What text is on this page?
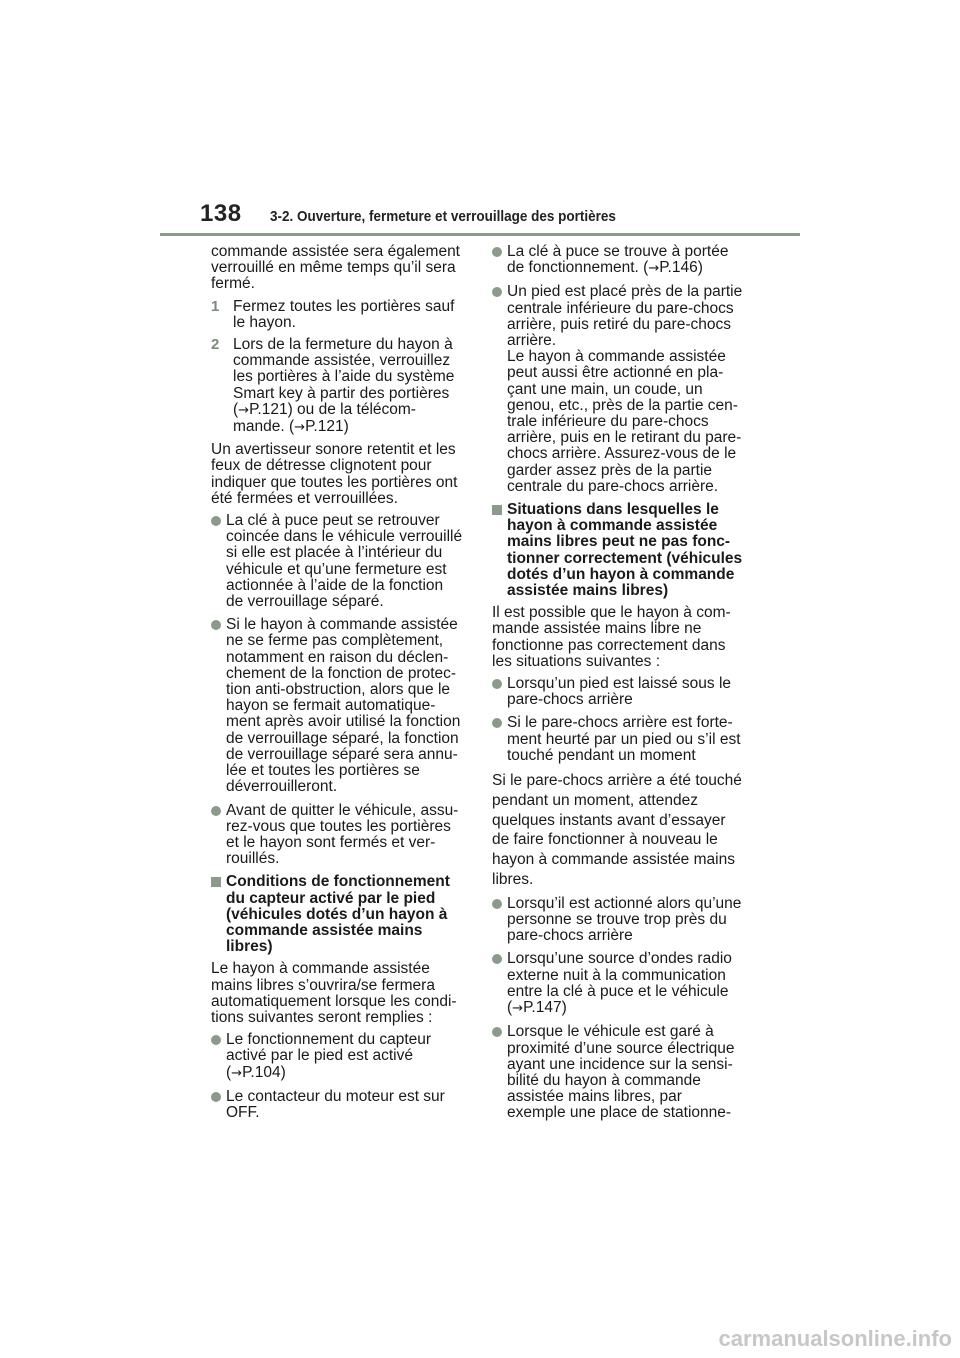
138 3-2. Ouverture, fermeture et verrouillage des portières

commande assistée sera également
verrouillé en même temps qu’il sera
fermé.

1 Fermez toutes les portières sauf
le hayon.
2 Lors de la fermeture du hayon à
commande assistée, verrouillez
les portières à l’aide du système
Smart key à partir des portières
(→P.121) ou de la télécom-
mande. (→P.121)

Un avertisseur sonore retentit et les
feux de détresse clignotent pour
indiquer que toutes les portières ont
été fermées et verrouillées.

La clé à puce peut se retrouver
coincée dans le véhicule verrouillé
si elle est placée à l’intérieur du
véhicule et qu’une fermeture est
actionnée à l’aide de la fonction
de verrouillage séparé.
Si le hayon à commande assistée
ne se ferme pas complètement,
notamment en raison du déclen-
chement de la fonction de protec-
tion anti-obstruction, alors que le
hayon se fermait automatique-
ment après avoir utilisé la fonction
de verrouillage séparé, la fonction
de verrouillage séparé sera annu-
lée et toutes les portières se
déverrouilleront.
Avant de quitter le véhicule, assu-
rez-vous que toutes les portières
et le hayon sont fermés et ver-
rouillés.
Conditions de fonctionnement
du capteur activé par le pied
(véhicules dotés d’un hayon à
commande assistée mains
libres)

Le hayon à commande assistée
mains libres s’ouvrira/se fermera
automatiquement lorsque les condi-
tions suivantes seront remplies :

Le fonctionnement du capteur
activé par le pied est activé
(→P.104)
Le contacteur du moteur est sur
OFF.
La clé à puce se trouve à portée
de fonctionnement. (→P.146)
Un pied est placé près de la partie
centrale inférieure du pare-chocs
arrière, puis retiré du pare-chocs
arrière.
Le hayon à commande assistée
peut aussi être actionné en pla-
çant une main, un coude, un
genou, etc., près de la partie cen-
trale inférieure du pare-chocs
arrière, puis en le retirant du pare-
chocs arrière. Assurez-vous de le
garder assez près de la partie
centrale du pare-chocs arrière.
Situations dans lesquelles le
hayon à commande assistée
mains libres peut ne pas fonc-
tionner correctement (véhicules
dotés d’un hayon à commande
assistée mains libres)

Il est possible que le hayon à com-
mande assistée mains libre ne
fonctionne pas correctement dans
les situations suivantes :

Lorsqu’un pied est laissé sous le
pare-chocs arrière
Si le pare-chocs arrière est forte-
ment heurté par un pied ou s’il est
touché pendant un moment

Si le pare-chocs arrière a été touché
pendant un moment, attendez
quelques instants avant d’essayer
de faire fonctionner à nouveau le
hayon à commande assistée mains
libres.

Lorsqu’il est actionné alors qu’une
personne se trouve trop près du
pare-chocs arrière
Lorsqu’une source d’ondes radio
externe nuit à la communication
entre la clé à puce et le véhicule
(→P.147)
Lorsque le véhicule est garé à
proximité d’une source électrique
ayant une incidence sur la sensi-
bilité du hayon à commande
assistée mains libres, par
exemple une place de stationne-
carmanualsonline.info
